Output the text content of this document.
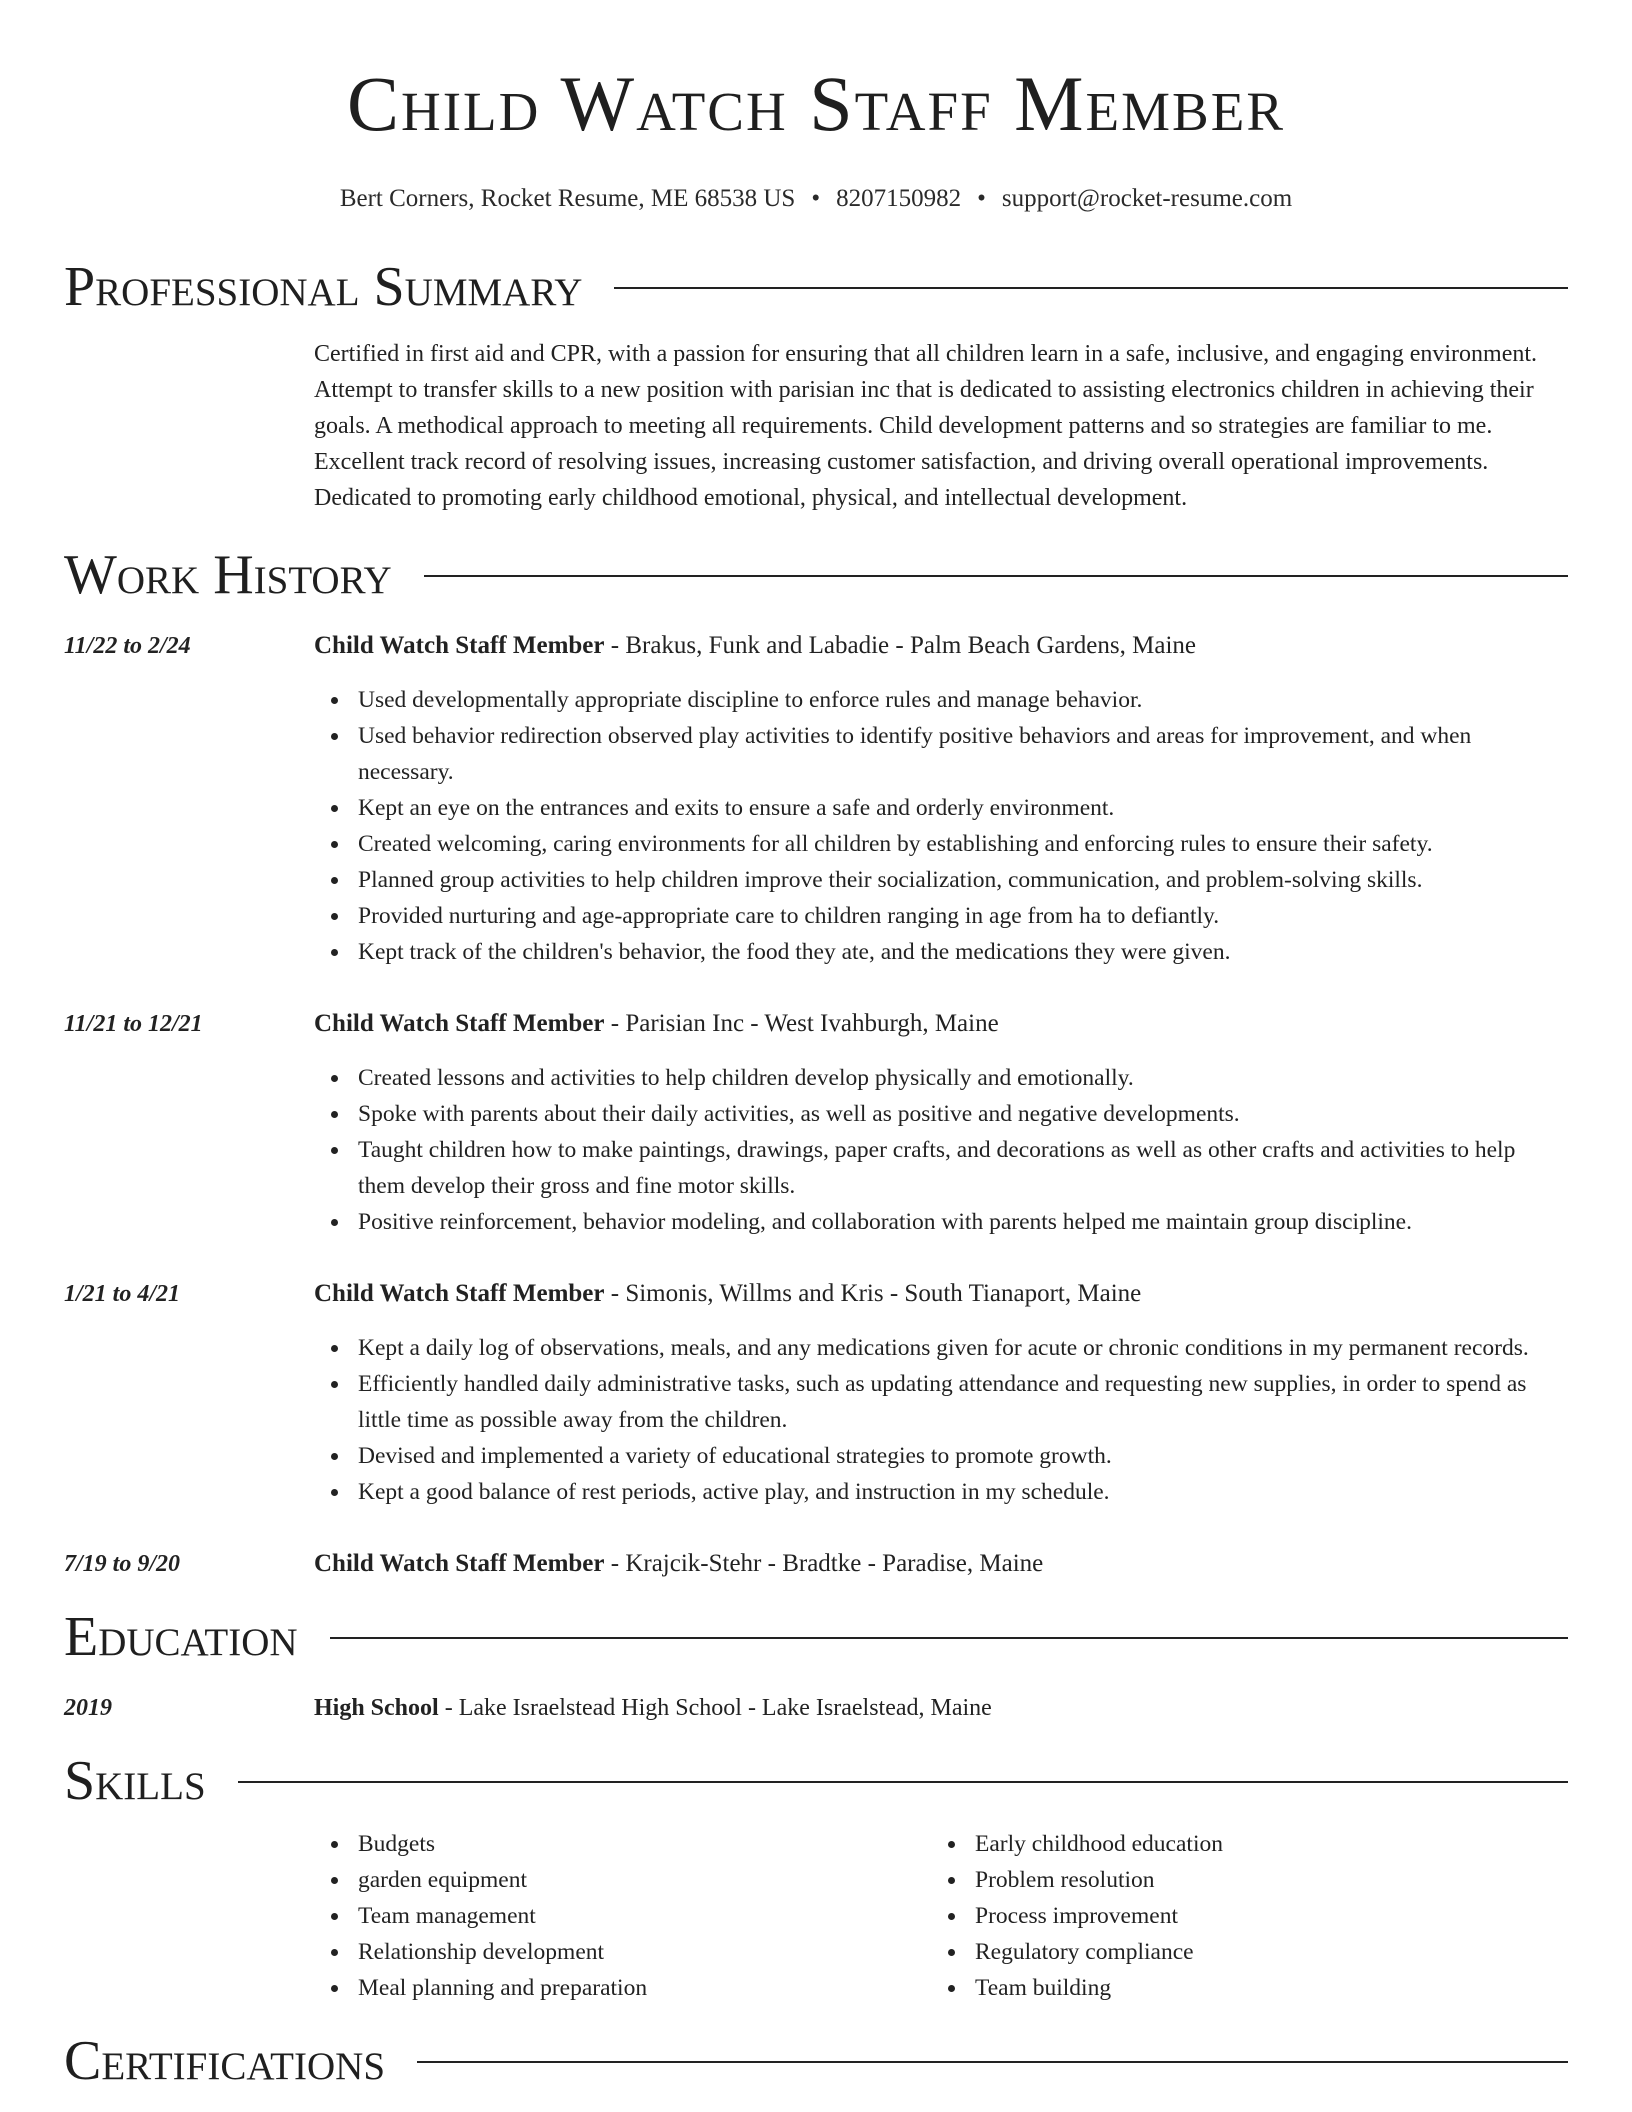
Child Watch Staff Member
Bert Corners, Rocket Resume, ME 68538 US • 8207150982 • support@rocket-resume.com
Professional Summary
Certified in first aid and CPR, with a passion for ensuring that all children learn in a safe, inclusive, and engaging environment. Attempt to transfer skills to a new position with parisian inc that is dedicated to assisting electronics children in achieving their goals. A methodical approach to meeting all requirements. Child development patterns and so strategies are familiar to me. Excellent track record of resolving issues, increasing customer satisfaction, and driving overall operational improvements. Dedicated to promoting early childhood emotional, physical, and intellectual development.
Work History
11/22 to 2/24	Child Watch Staff Member - Brakus, Funk and Labadie - Palm Beach Gardens, Maine
Used developmentally appropriate discipline to enforce rules and manage behavior.
Used behavior redirection observed play activities to identify positive behaviors and areas for improvement, and when necessary.
Kept an eye on the entrances and exits to ensure a safe and orderly environment.
Created welcoming, caring environments for all children by establishing and enforcing rules to ensure their safety.
Planned group activities to help children improve their socialization, communication, and problem-solving skills.
Provided nurturing and age-appropriate care to children ranging in age from ha to defiantly.
Kept track of the children's behavior, the food they ate, and the medications they were given.
11/21 to 12/21	Child Watch Staff Member - Parisian Inc - West Ivahburgh, Maine
Created lessons and activities to help children develop physically and emotionally.
Spoke with parents about their daily activities, as well as positive and negative developments.
Taught children how to make paintings, drawings, paper crafts, and decorations as well as other crafts and activities to help them develop their gross and fine motor skills.
Positive reinforcement, behavior modeling, and collaboration with parents helped me maintain group discipline.
1/21 to 4/21	Child Watch Staff Member - Simonis, Willms and Kris - South Tianaport, Maine
Kept a daily log of observations, meals, and any medications given for acute or chronic conditions in my permanent records.
Efficiently handled daily administrative tasks, such as updating attendance and requesting new supplies, in order to spend as little time as possible away from the children.
Devised and implemented a variety of educational strategies to promote growth.
Kept a good balance of rest periods, active play, and instruction in my schedule.
7/19 to 9/20	Child Watch Staff Member - Krajcik-Stehr - Bradtke - Paradise, Maine
Education
2019	High School - Lake Israelstead High School - Lake Israelstead, Maine
Skills
Budgets
garden equipment
Team management
Relationship development
Meal planning and preparation
Early childhood education
Problem resolution
Process improvement
Regulatory compliance
Team building
Certifications
